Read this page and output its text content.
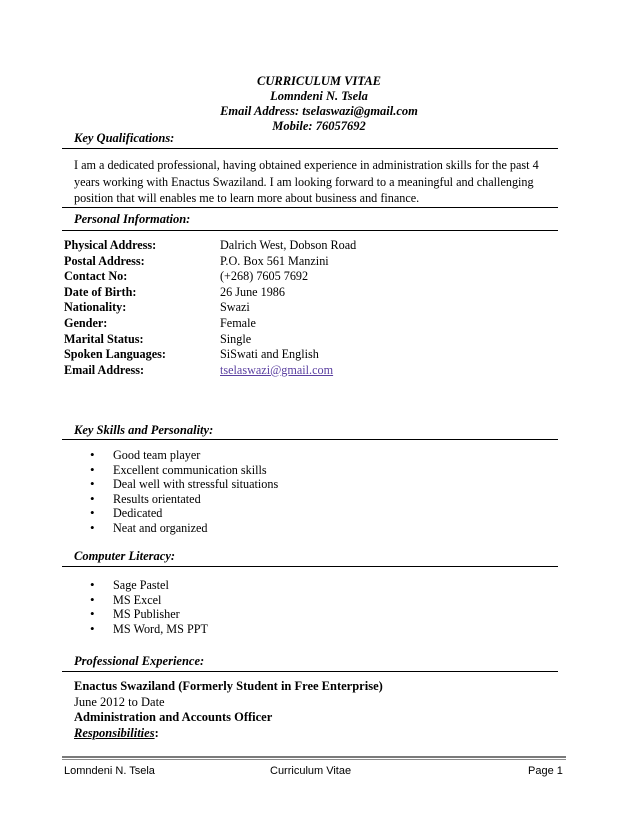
CURRICULUM VITAE
Lomndeni N. Tsela
Email Address: tselaswazi@gmail.com
Mobile: 76057692
Key Qualifications:
I am a dedicated professional, having obtained experience in administration skills for the past 4
years working with Enactus Swaziland. I am looking forward to a meaningful and challenging
position that will enables me to learn more about business and finance.
Personal Information:
Physical Address:	Dalrich West, Dobson Road
Postal Address:	P.O. Box 561 Manzini
Contact No:	(+268) 7605 7692
Date of Birth:	26 June 1986
Nationality:	Swazi
Gender:	Female
Marital Status:	Single
Spoken Languages:	SiSwati and English
Email Address:	tselaswazi@gmail.com
Key Skills and Personality:
• Good team player
• Excellent communication skills
• Deal well with stressful situations
• Results orientated
• Dedicated
• Neat and organized
Computer Literacy:
• Sage Pastel
• MS Excel
• MS Publisher
• MS Word, MS PPT
Professional Experience:
Enactus Swaziland (Formerly Student in Free Enterprise)
June 2012 to Date
Administration and Accounts Officer
Responsibilities:
Lomndeni N. Tsela	Curriculum Vitae	Page 1
